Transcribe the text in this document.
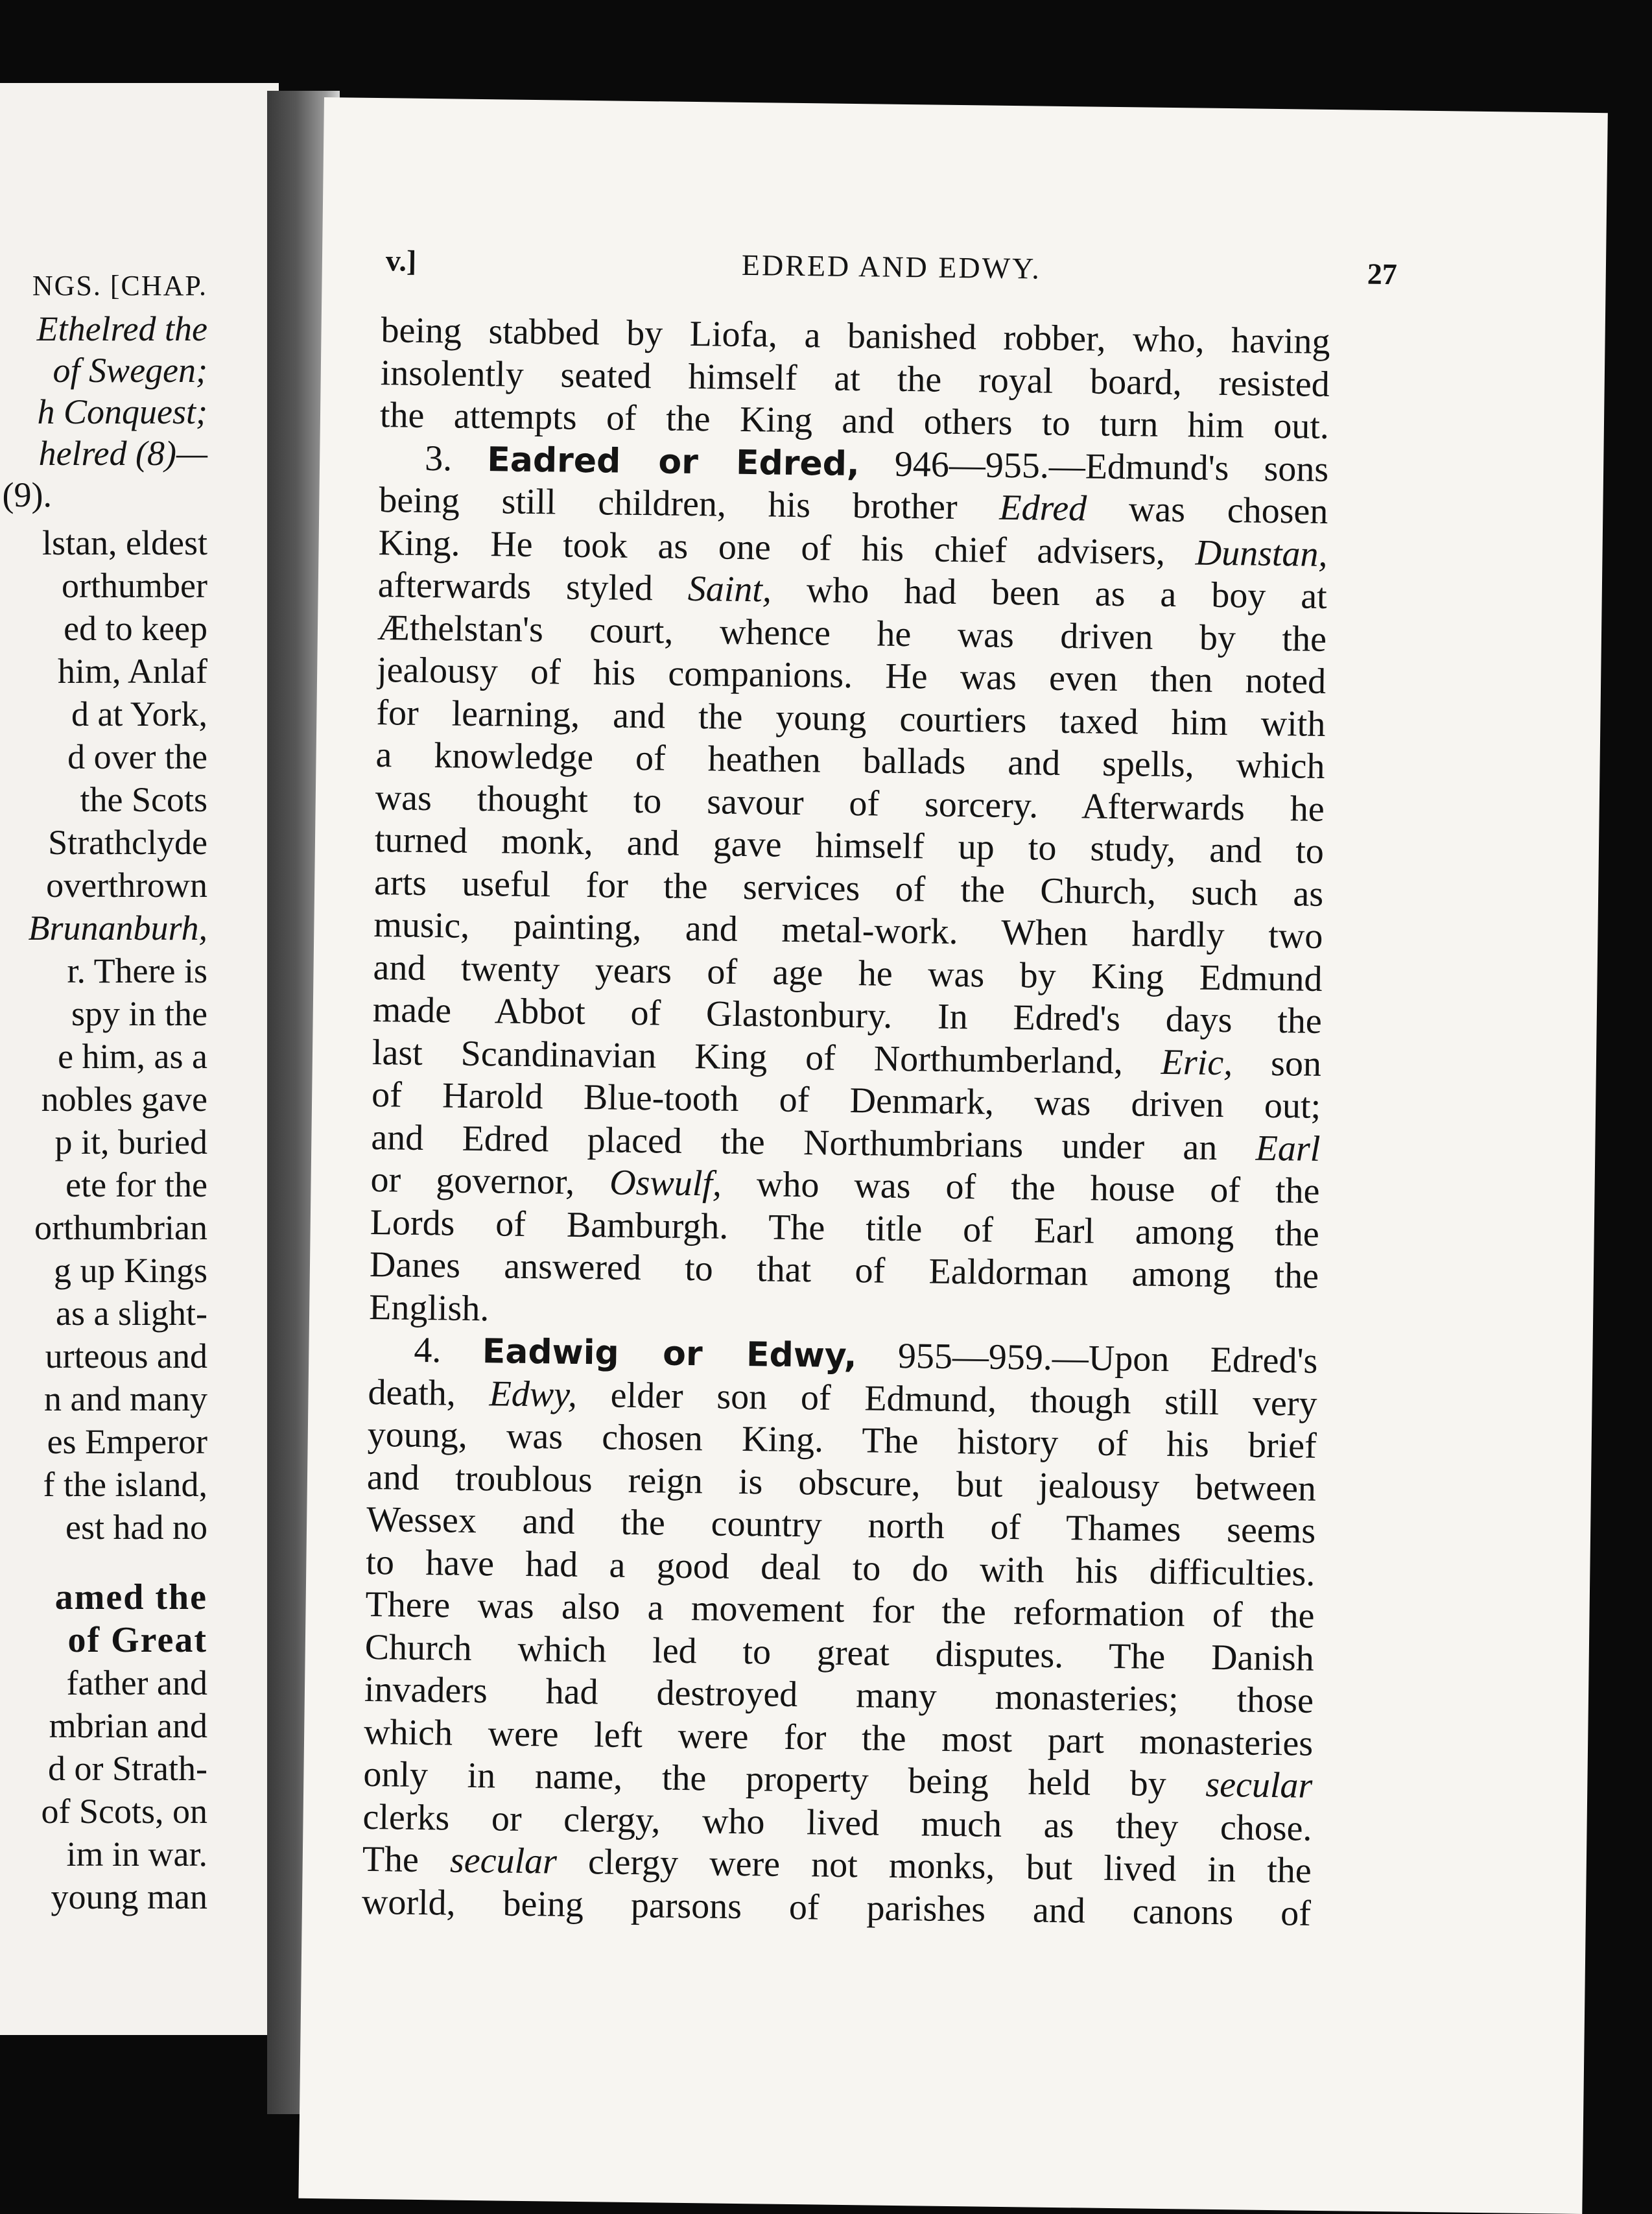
NGS. [CHAP.
Ethelred the
of Swegen;
h Conquest;
helred (8)—
(9).
lstan, eldest
orthumber
ed to keep
him, Anlaf
d at York,
d over the
the Scots
Strathclyde
overthrown
Brunanburh,
r. There is
spy in the
e him, as a
nobles gave
p it, buried
ete for the
orthumbrian
g up Kings
as a slight-
urteous and
n and many
es Emperor
f the island,
est had no
amed the
of Great
father and
mbrian and
d or Strath-
of Scots, on
im in war.
young man
v.]	EDRED AND EDWY.	27
being stabbed by Liofa, a banished robber, who, having
insolently seated himself at the royal board, resisted
the attempts of the King and others to turn him out.
3. Eadred or Edred, 946—955.—Edmund's sons
being still children, his brother Edred was chosen
King. He took as one of his chief advisers, Dunstan,
afterwards styled Saint, who had been as a boy at
Æthelstan's court, whence he was driven by the
jealousy of his companions. He was even then noted
for learning, and the young courtiers taxed him with
a knowledge of heathen ballads and spells, which
was thought to savour of sorcery. Afterwards he
turned monk, and gave himself up to study, and to
arts useful for the services of the Church, such as
music, painting, and metal-work. When hardly two
and twenty years of age he was by King Edmund
made Abbot of Glastonbury. In Edred's days the
last Scandinavian King of Northumberland, Eric, son
of Harold Blue-tooth of Denmark, was driven out;
and Edred placed the Northumbrians under an Earl
or governor, Oswulf, who was of the house of the
Lords of Bamburgh. The title of Earl among the
Danes answered to that of Ealdorman among the
English.
4. Eadwig or Edwy, 955—959.—Upon Edred's
death, Edwy, elder son of Edmund, though still very
young, was chosen King. The history of his brief
and troublous reign is obscure, but jealousy between
Wessex and the country north of Thames seems
to have had a good deal to do with his difficulties.
There was also a movement for the reformation of the
Church which led to great disputes. The Danish
invaders had destroyed many monasteries; those
which were left were for the most part monasteries
only in name, the property being held by secular
clerks or clergy, who lived much as they chose.
The secular clergy were not monks, but lived in the
world, being parsons of parishes and canons of
